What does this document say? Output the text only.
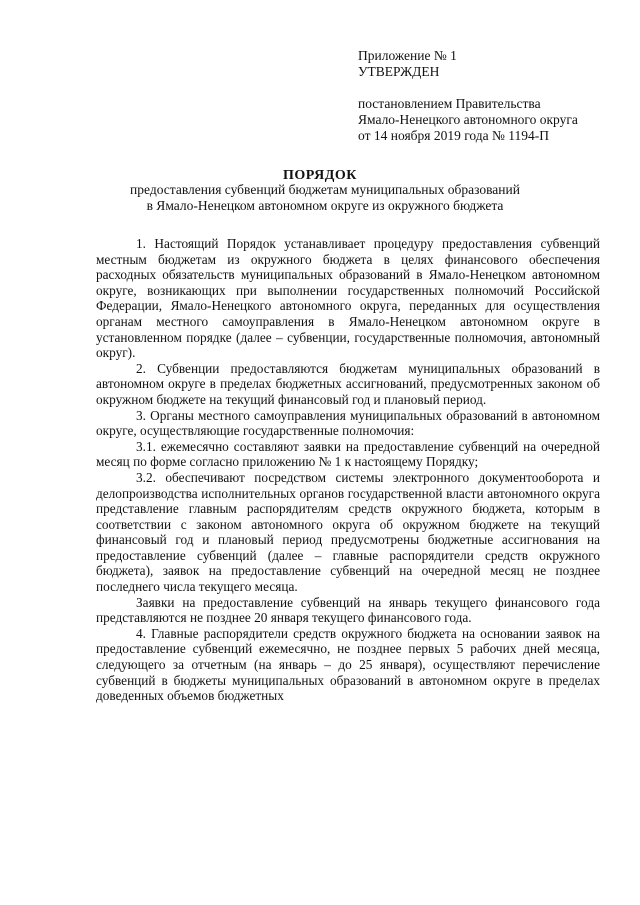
Приложение № 1
УТВЕРЖДЕН
постановлением Правительства
Ямало-Ненецкого автономного округа
от 14 ноября 2019 года № 1194-П
ПОРЯДОК
предоставления субвенций бюджетам муниципальных образований
в Ямало-Ненецком автономном округе из окружного бюджета

1. Настоящий Порядок устанавливает процедуру предоставления субвенций местным бюджетам из окружного бюджета в целях финансового обеспечения расходных обязательств муниципальных образований в Ямало-Ненецком автономном округе, возникающих при выполнении государственных полномочий Российской Федерации, Ямало-Ненецкого автономного округа, переданных для осуществления органам местного самоуправления в Ямало-Ненецком автономном округе в установленном порядке (далее – субвенции, государственные полномочия, автономный округ).

2. Субвенции предоставляются бюджетам муниципальных образований в автономном округе в пределах бюджетных ассигнований, предусмотренных законом об окружном бюджете на текущий финансовый год и плановый период.

3. Органы местного самоуправления муниципальных образований в автономном округе, осуществляющие государственные полномочия:

3.1. ежемесячно составляют заявки на предоставление субвенций на очередной месяц по форме согласно приложению № 1 к настоящему Порядку;

3.2. обеспечивают посредством системы электронного документооборота и делопроизводства исполнительных органов государственной власти автономного округа представление главным распорядителям средств окружного бюджета, которым в соответствии с законом автономного округа об окружном бюджете на текущий финансовый год и плановый период предусмотрены бюджетные ассигнования на предоставление субвенций (далее – главные распорядители средств окружного бюджета), заявок на предоставление субвенций на очередной месяц не позднее последнего числа текущего месяца.

Заявки на предоставление субвенций на январь текущего финансового года представляются не позднее 20 января текущего финансового года.

4. Главные распорядители средств окружного бюджета на основании заявок на предоставление субвенций ежемесячно, не позднее первых 5 рабочих дней месяца, следующего за отчетным (на январь – до 25 января), осуществляют перечисление субвенций в бюджеты муниципальных образований в автономном округе в пределах доведенных объемов бюджетных
